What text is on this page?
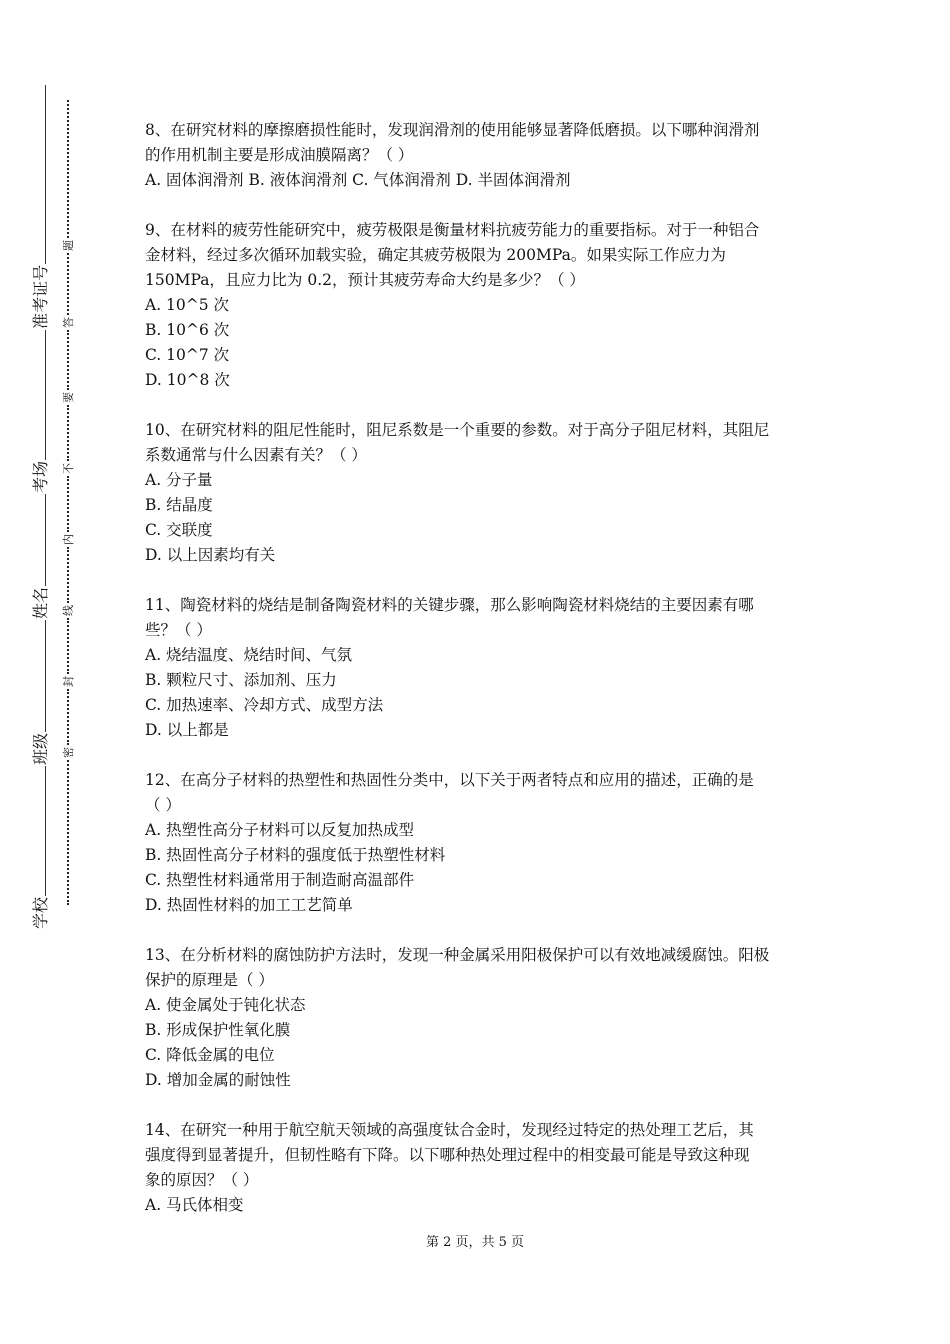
学校
班级
姓名
考场
准考证号
密
封
线
内
不
要
答
题
8、在研究材料的摩擦磨损性能时，发现润滑剂的使用能够显著降低磨损。以下哪种润滑剂
的作用机制主要是形成油膜隔离？（ ）
A. 固体润滑剂 B. 液体润滑剂 C. 气体润滑剂 D. 半固体润滑剂
9、在材料的疲劳性能研究中，疲劳极限是衡量材料抗疲劳能力的重要指标。对于一种铝合
金材料，经过多次循环加载实验，确定其疲劳极限为 200MPa。如果实际工作应力为
150MPa，且应力比为 0.2，预计其疲劳寿命大约是多少？（ ）
A. 10^5 次
B. 10^6 次
C. 10^7 次
D. 10^8 次
10、在研究材料的阻尼性能时，阻尼系数是一个重要的参数。对于高分子阻尼材料，其阻尼
系数通常与什么因素有关？（ ）
A. 分子量
B. 结晶度
C. 交联度
D. 以上因素均有关
11、陶瓷材料的烧结是制备陶瓷材料的关键步骤，那么影响陶瓷材料烧结的主要因素有哪
些？（ ）
A. 烧结温度、烧结时间、气氛
B. 颗粒尺寸、添加剂、压力
C. 加热速率、冷却方式、成型方法
D. 以上都是
12、在高分子材料的热塑性和热固性分类中，以下关于两者特点和应用的描述，正确的是
（ ）
A. 热塑性高分子材料可以反复加热成型
B. 热固性高分子材料的强度低于热塑性材料
C. 热塑性材料通常用于制造耐高温部件
D. 热固性材料的加工工艺简单
13、在分析材料的腐蚀防护方法时，发现一种金属采用阳极保护可以有效地减缓腐蚀。阳极
保护的原理是（ ）
A. 使金属处于钝化状态
B. 形成保护性氧化膜
C. 降低金属的电位
D. 增加金属的耐蚀性
14、在研究一种用于航空航天领域的高强度钛合金时，发现经过特定的热处理工艺后，其
强度得到显著提升，但韧性略有下降。以下哪种热处理过程中的相变最可能是导致这种现
象的原因？（ ）
A. 马氏体相变
第 2 页，共 5 页
